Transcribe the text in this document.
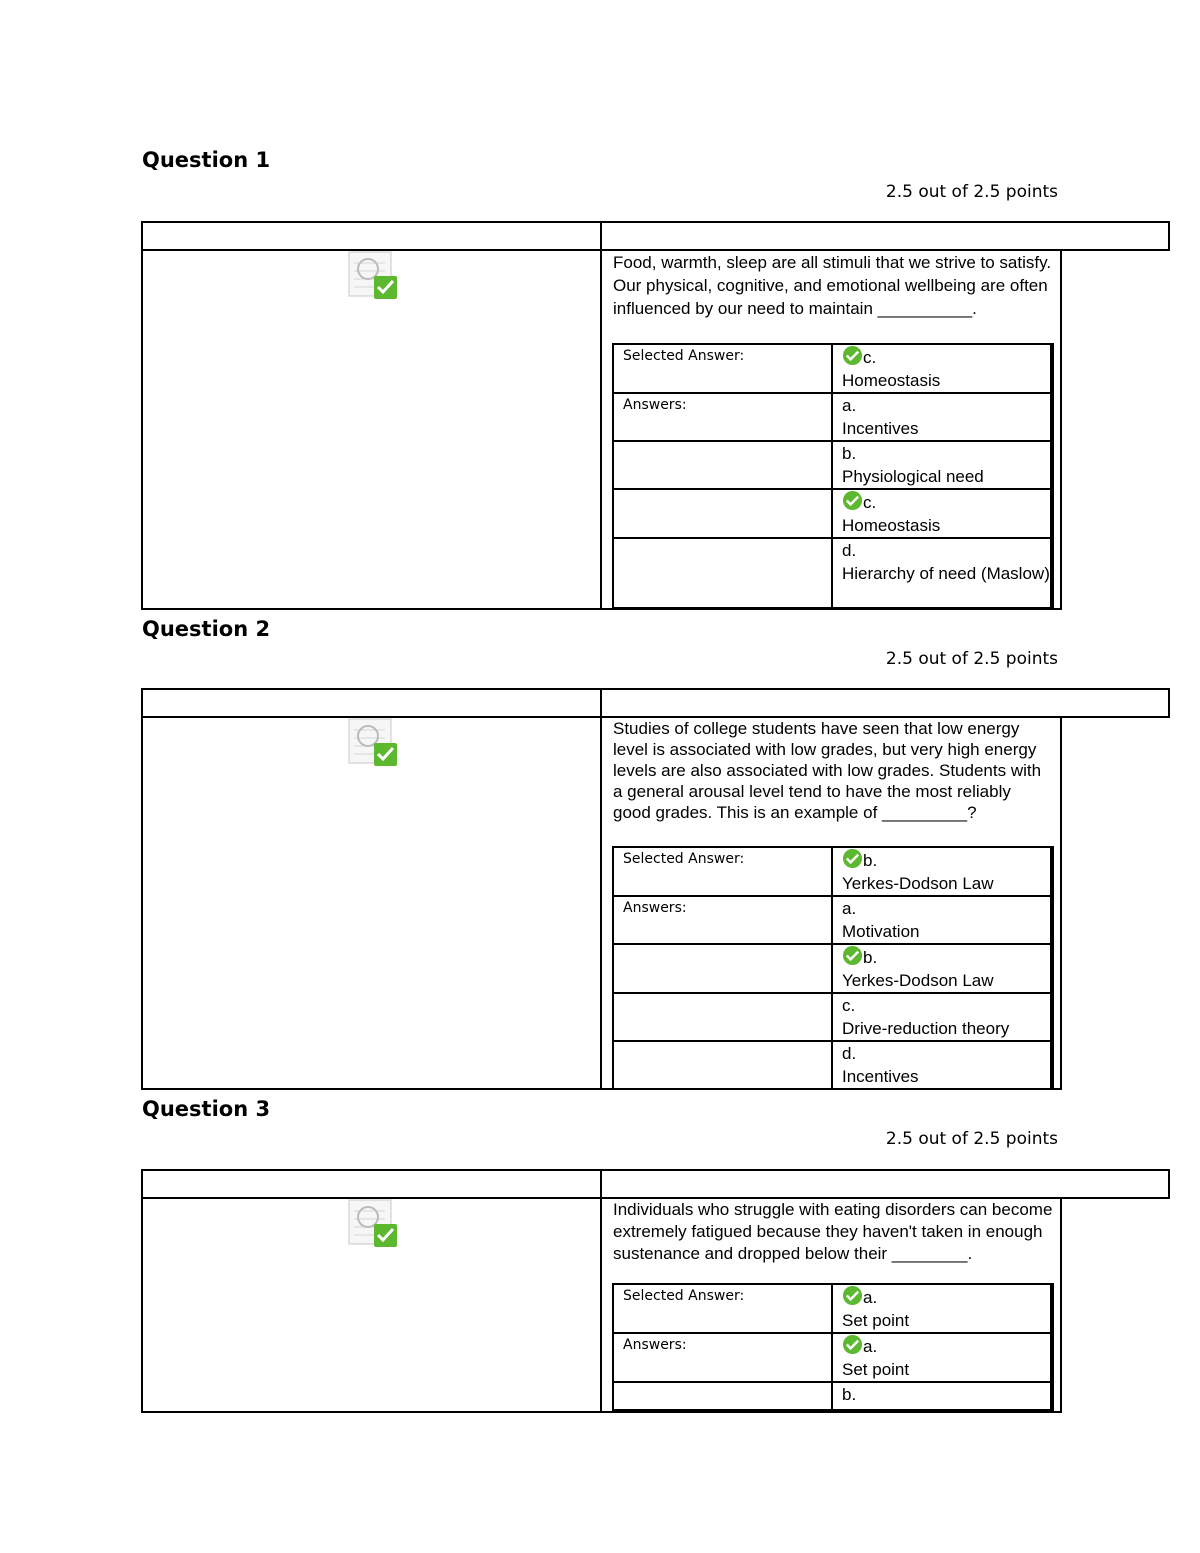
Question 1
2.5 out of 2.5 points
Food, warmth, sleep are all stimuli that we strive to satisfy. Our physical, cognitive, and emotional wellbeing are often influenced by our need to maintain __________.
Selected Answer:	c.
Homeostasis

Answers:	a.
Incentives

	b.
Physiological need

	c.
Homeostasis

	d.
Hierarchy of need (Maslow)
Question 2
2.5 out of 2.5 points
Studies of college students have seen that low energy level is associated with low grades, but very high energy levels are also associated with low grades. Students with a general arousal level tend to have the most reliably good grades. This is an example of _________?
Selected Answer:	b.
Yerkes-Dodson Law

Answers:	a.
Motivation

	b.
Yerkes-Dodson Law

	c.
Drive-reduction theory

	d.
Incentives
Question 3
2.5 out of 2.5 points
Individuals who struggle with eating disorders can become extremely fatigued because they haven't taken in enough sustenance and dropped below their ________.
Selected Answer:	a.
Set point

Answers:	a.
Set point

	b.
